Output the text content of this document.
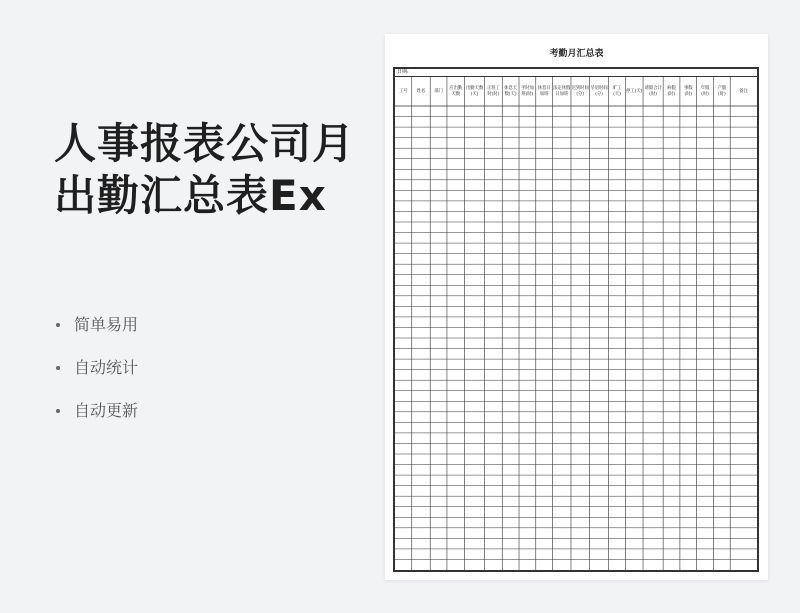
人事报表公司月
出勤汇总表Ex
简单易用
自动统计
自动更新
考勤月汇总表
日期:
工号	姓名	部门
应出勤天数
出勤天数(天)
正班工时(时)
休息天数(天)
平时加班(时)
休息日加班
法定休假日加班
迟到时间(分)
早退时间(分)
旷工(天)
停工(天)
请假合计(时)
病假(时)
事假(时)
年假(时)
产假(时)
备注
